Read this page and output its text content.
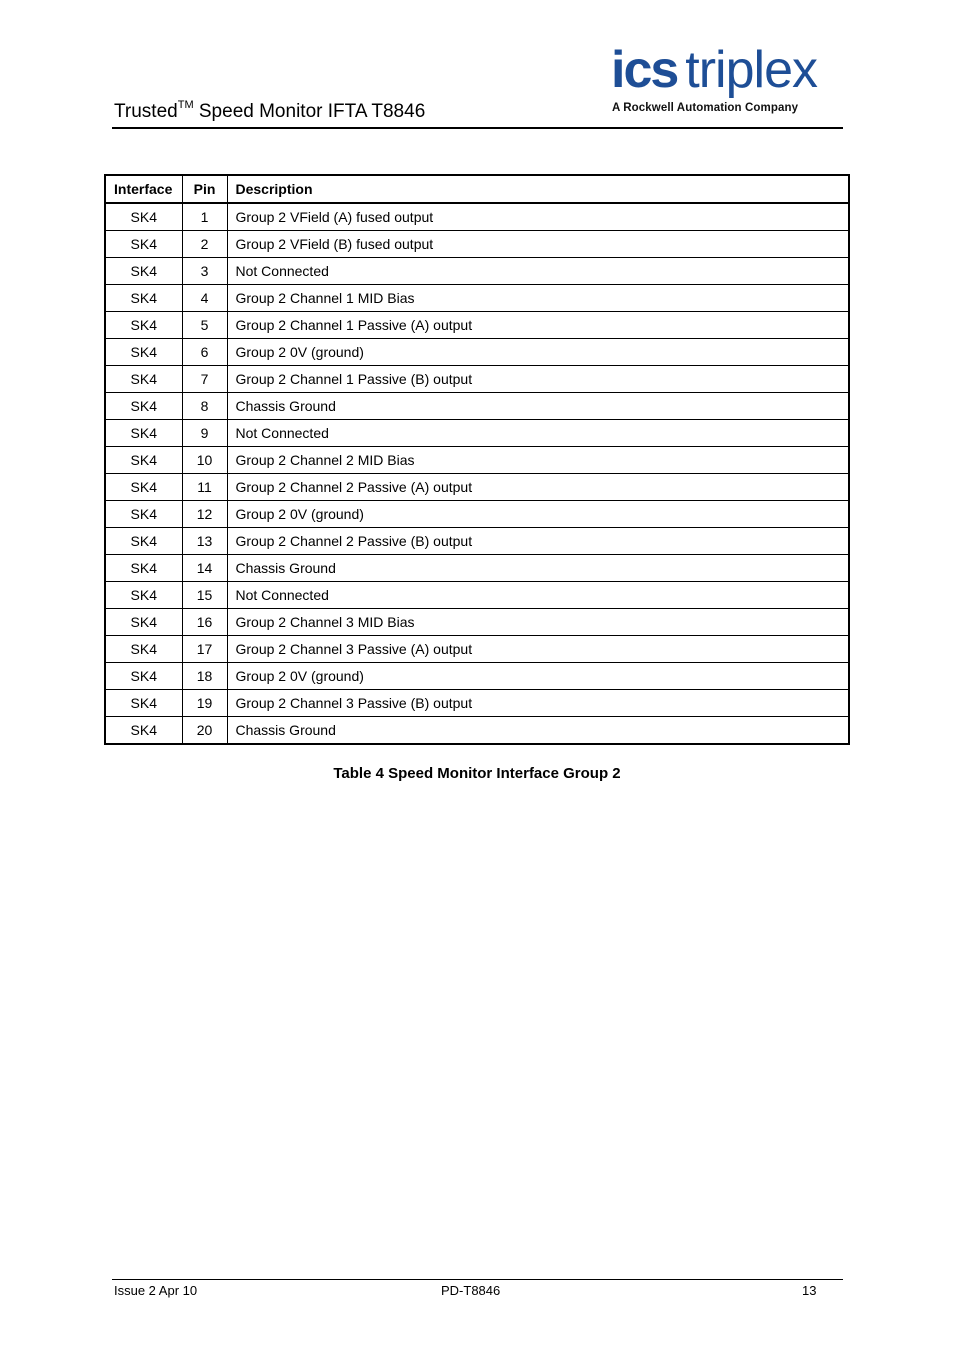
Trusted™ Speed Monitor IFTA T8846
ics triplex
A Rockwell Automation Company
Interface	Pin	Description
SK4	1	Group 2 VField (A) fused output
SK4	2	Group 2 VField (B) fused output
SK4	3	Not Connected
SK4	4	Group 2 Channel 1 MID Bias
SK4	5	Group 2 Channel 1 Passive (A) output
SK4	6	Group 2 0V (ground)
SK4	7	Group 2 Channel 1 Passive (B) output
SK4	8	Chassis Ground
SK4	9	Not Connected
SK4	10	Group 2 Channel 2 MID Bias
SK4	11	Group 2 Channel 2 Passive (A) output
SK4	12	Group 2 0V (ground)
SK4	13	Group 2 Channel 2 Passive (B) output
SK4	14	Chassis Ground
SK4	15	Not Connected
SK4	16	Group 2 Channel 3 MID Bias
SK4	17	Group 2 Channel 3 Passive (A) output
SK4	18	Group 2 0V (ground)
SK4	19	Group 2 Channel 3 Passive (B) output
SK4	20	Chassis Ground
Table 4 Speed Monitor Interface Group 2
Issue 2 Apr 10	PD-T8846	13
